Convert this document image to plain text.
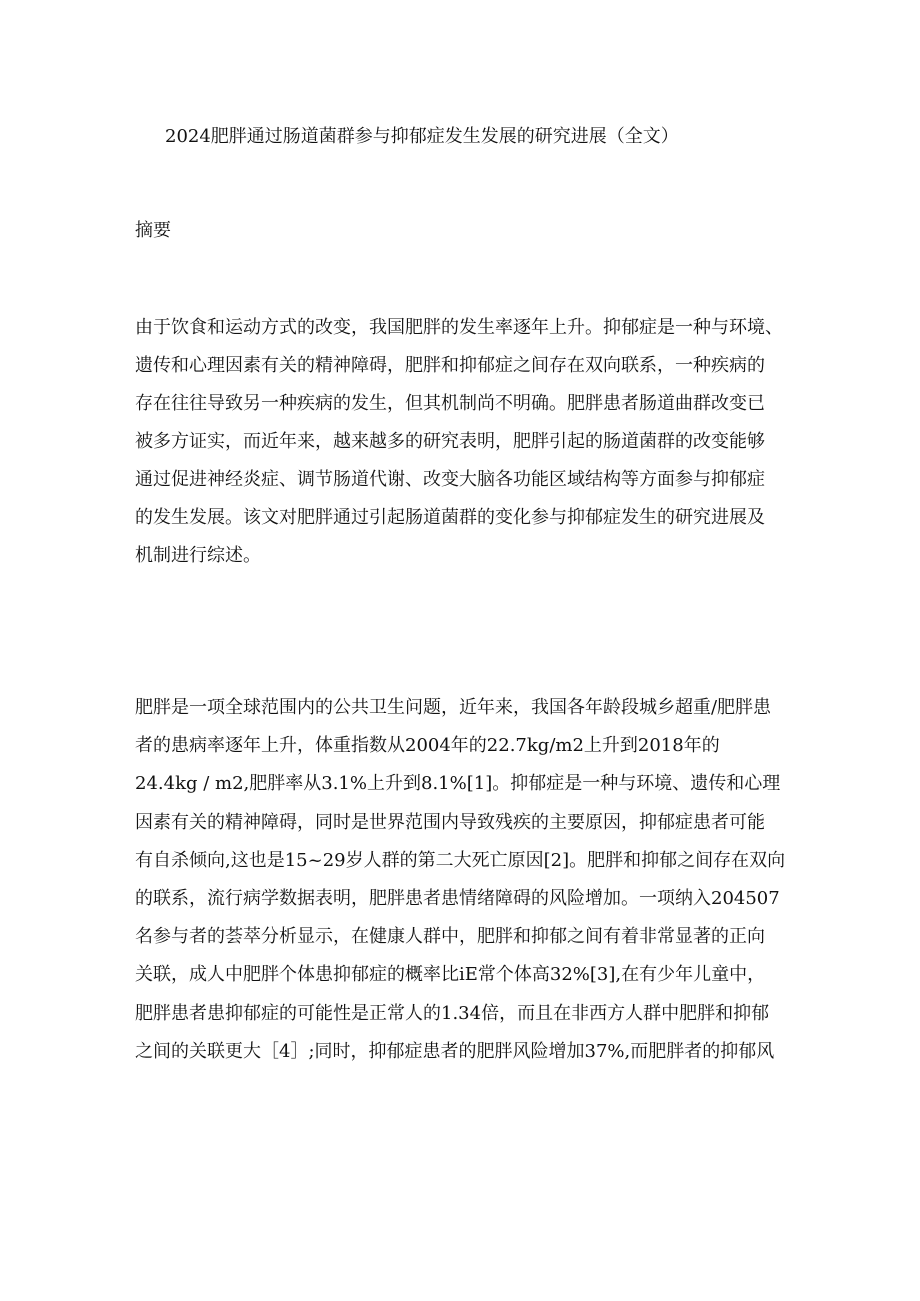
2024肥胖通过肠道菌群参与抑郁症发生发展的研究进展（全文）
摘要
由于饮食和运动方式的改变，我国肥胖的发生率逐年上升。抑郁症是一种与环境、
遗传和心理因素有关的精神障碍，肥胖和抑郁症之间存在双向联系，一种疾病的
存在往往导致另一种疾病的发生，但其机制尚不明确。肥胖患者肠道曲群改变已
被多方证实，而近年来，越来越多的研究表明，肥胖引起的肠道菌群的改变能够
通过促进神经炎症、调节肠道代谢、改变大脑各功能区域结构等方面参与抑郁症
的发生发展。该文对肥胖通过引起肠道菌群的变化参与抑郁症发生的研究进展及
机制进行综述。
肥胖是一项全球范围内的公共卫生问题，近年来，我国各年龄段城乡超重/肥胖患
者的患病率逐年上升，体重指数从2004年的22.7kg/m2上升到2018年的
24.4kg / m2,肥胖率从3.1%上升到8.1%[1]。抑郁症是一种与环境、遗传和心理
因素有关的精神障碍，同时是世界范围内导致残疾的主要原因，抑郁症患者可能
有自杀倾向,这也是15~29岁人群的第二大死亡原因[2]。肥胖和抑郁之间存在双向
的联系，流行病学数据表明，肥胖患者患情绪障碍的风险增加。一项纳入204507
名参与者的荟萃分析显示，在健康人群中，肥胖和抑郁之间有着非常显著的正向
关联，成人中肥胖个体患抑郁症的概率比iE常个体高32%[3],在有少年儿童中，
肥胖患者患抑郁症的可能性是正常人的1.34倍，而且在非西方人群中肥胖和抑郁
之间的关联更大［4］;同时，抑郁症患者的肥胖风险增加37%,而肥胖者的抑郁风
